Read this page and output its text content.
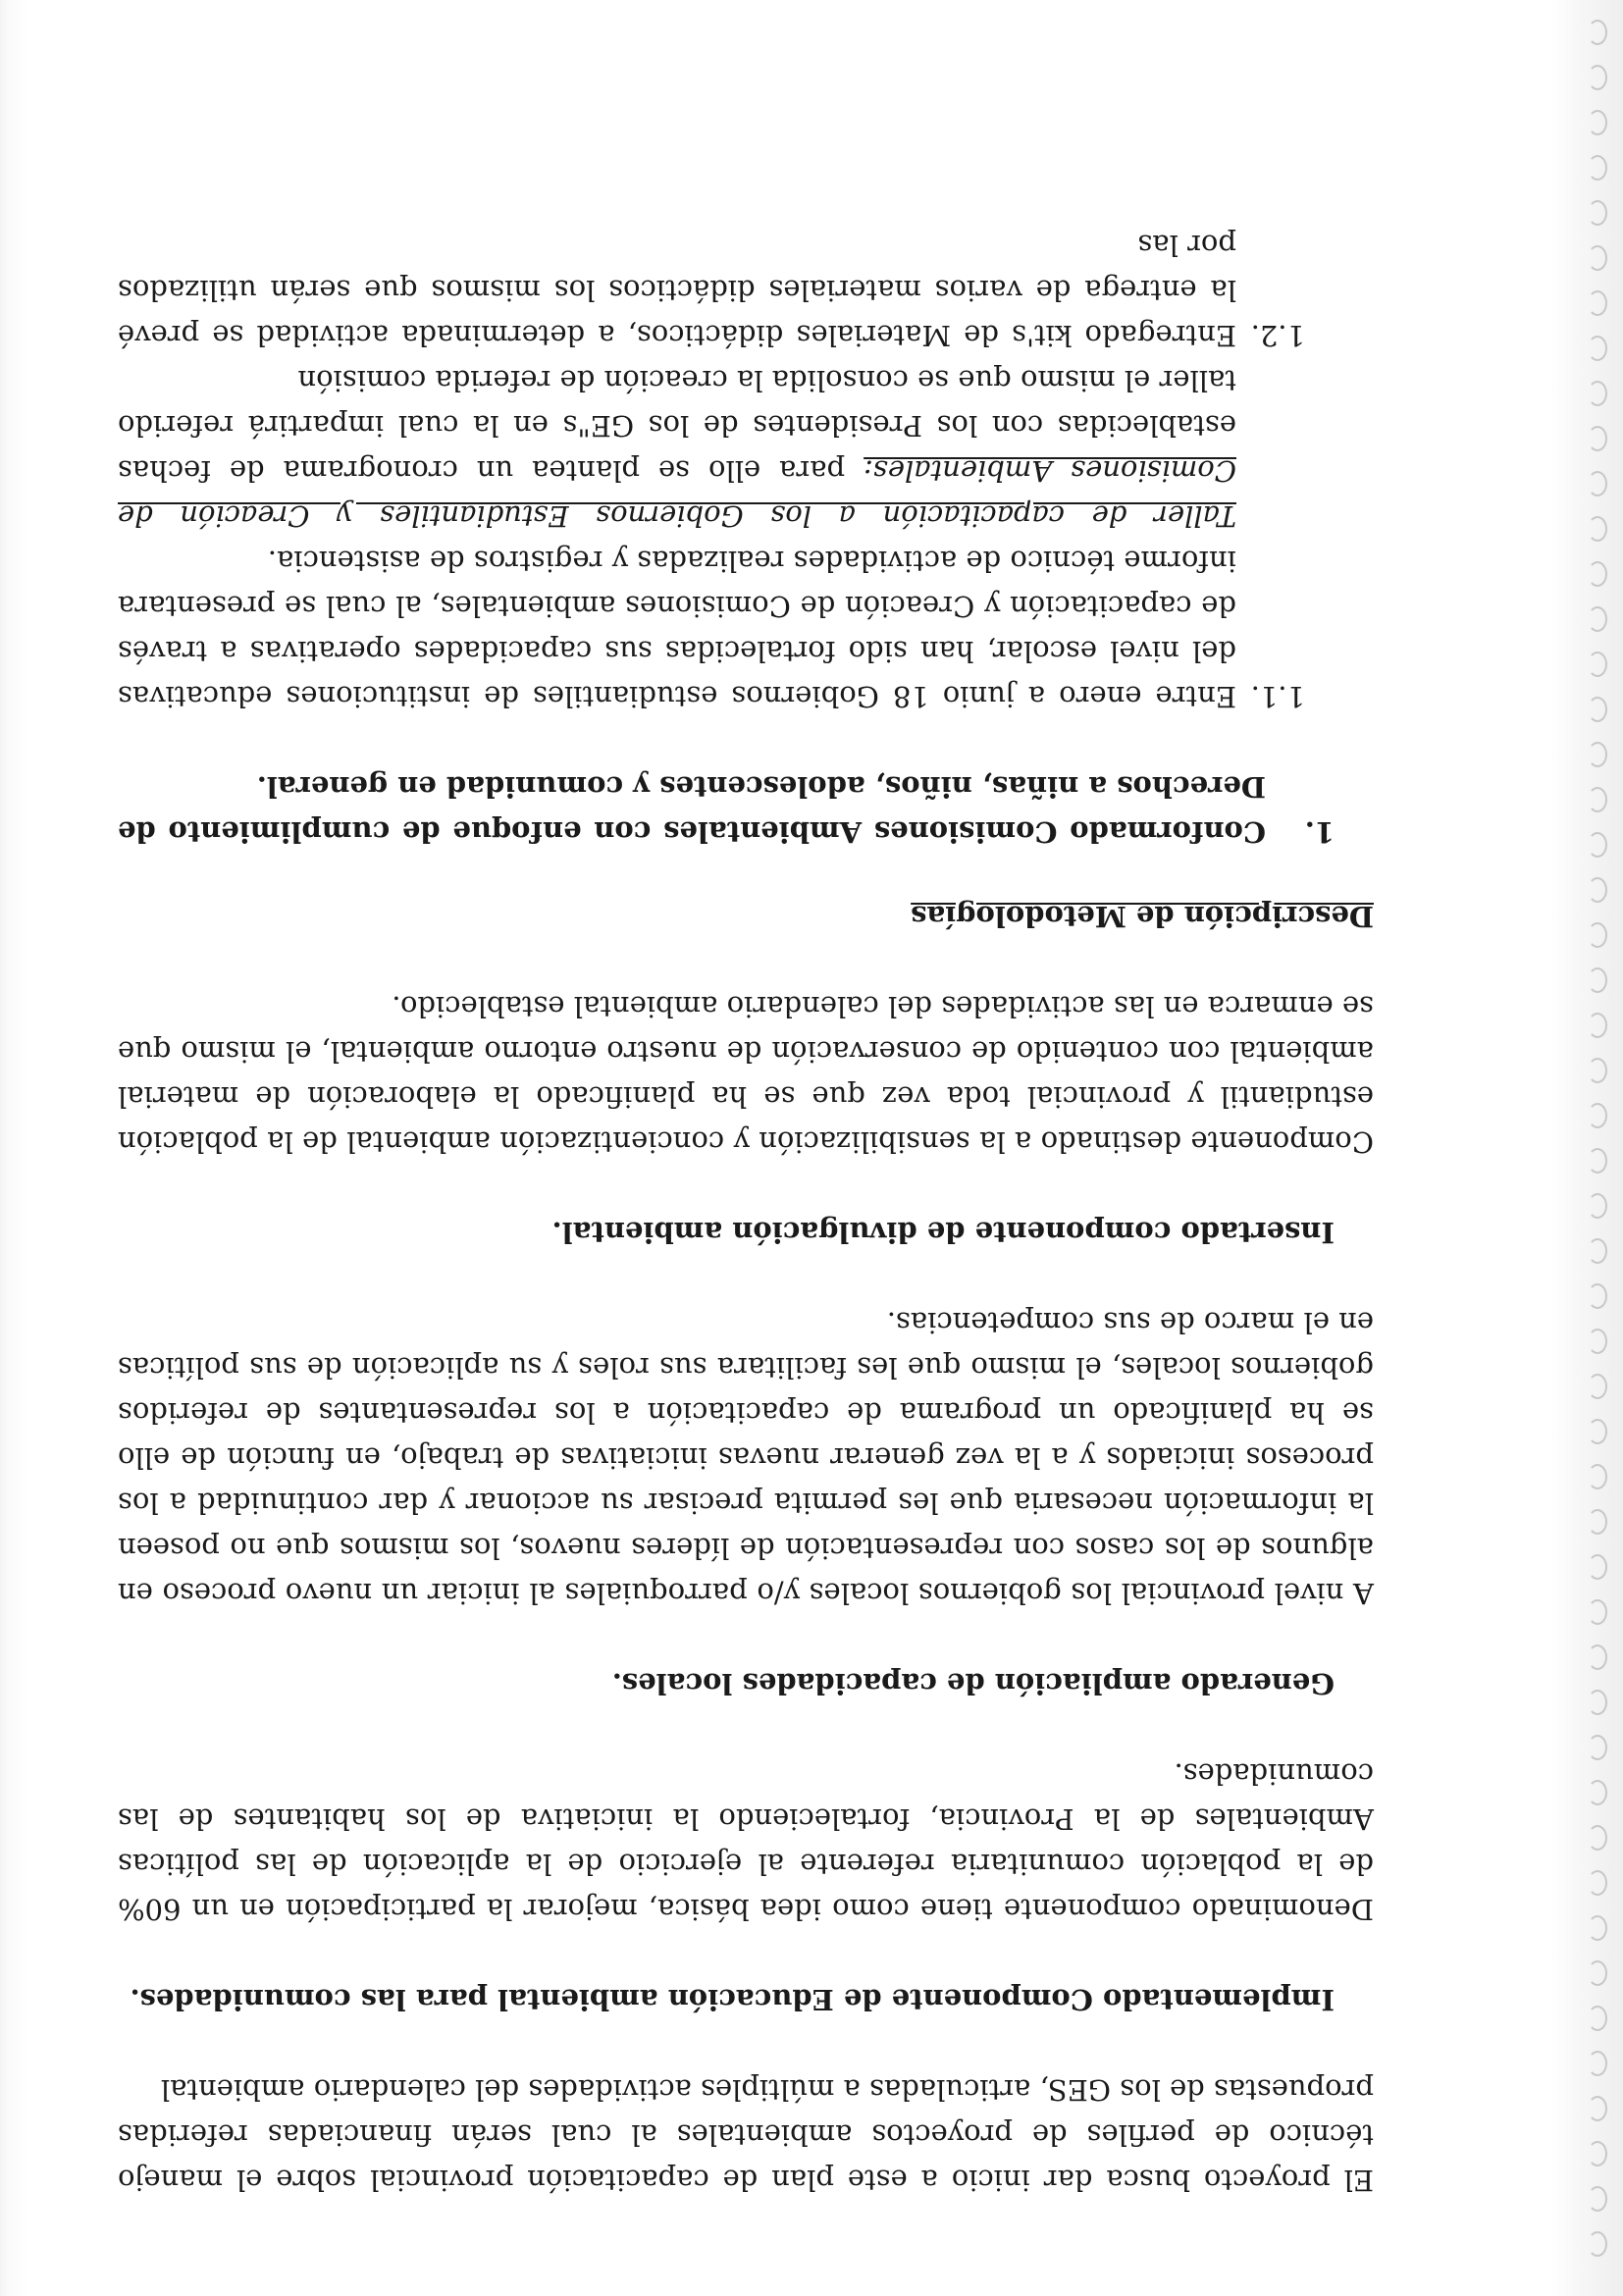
El proyecto busca dar inicio a este plan de capacitación provincial sobre el manejo técnico de perfiles de proyectos ambientales al cual serán financiadas referidas propuestas de los GES, articuladas a múltiples actividades del calendario ambiental

Implementado Componente de Educación ambiental para las comunidades.

Denominado componente tiene como idea básica, mejorar la participación en un 60% de la población comunitaria referente al ejercicio de la aplicación de las políticas Ambientales de la Provincia, fortaleciendo la iniciativa de los habitantes de las comunidades.

Generado ampliación de capacidades locales.

A nivel provincial los gobiernos locales y/o parroquiales al iniciar un nuevo proceso en algunos de los casos con representación de líderes nuevos, los mismos que no poseen la información necesaria que les permita precisar su accionar y dar continuidad a los procesos iniciados y a la vez generar nuevas iniciativas de trabajo, en función de ello se ha planificado un programa de capacitación a los representantes de referidos gobiernos locales, el mismo que les facilitara sus roles y su aplicación de sus políticas en el marco de sus competencias.

Insertado componente de divulgación ambiental.

Componente destinado a la sensibilización y concientización ambiental de la población estudiantil y provincial toda vez que se ha planificado la elaboración de material ambiental con contenido de conservación de nuestro entorno ambiental, el mismo que se enmarca en las actividades del calendario ambiental establecido.

Descripción de Metodologías
1.
Conformado Comisiones Ambientales con enfoque de cumplimiento de Derechos a niñas, niños, adolescentes y comunidad en general.
1.1.
Entre enero a junio 18 Gobiernos estudiantiles de instituciones educativas del nivel escolar, han sido fortalecidas sus capacidades operativas a través de capacitación y Creación de Comisiones ambientales, al cual se presentara informe técnico de actividades realizadas y registros de asistencia.
Taller de capacitación a los Gobiernos Estudiantiles y Creación de Comisiones Ambientales: para ello se plantea un cronograma de fechas establecidas con los Presidentes de los GE"s en la cual impartirá referido taller el mismo que se consolida la creación de referida comisión
1.2.
Entregado kit's de Materiales didácticos, a determinada actividad se prevé la entrega de varios materiales didácticos los mismos que serán utilizados por las
